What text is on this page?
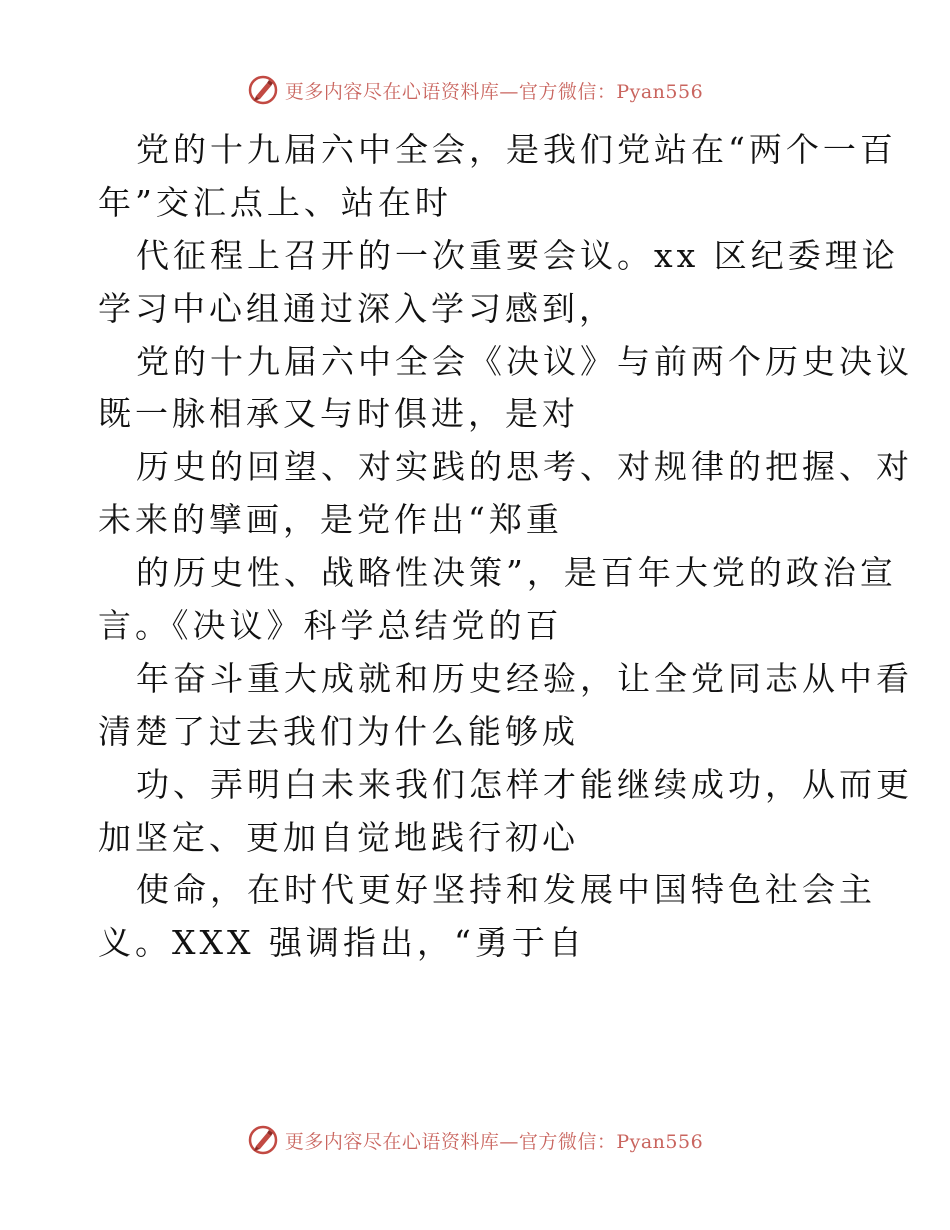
更多内容尽在心语资料库—官方微信：Pyan556
党的十九届六中全会，是我们党站在“两个一百
年”交汇点上、站在时
代征程上召开的一次重要会议。xx 区纪委理论
学习中心组通过深入学习感到，
党的十九届六中全会《决议》与前两个历史决议
既一脉相承又与时俱进，是对
历史的回望、对实践的思考、对规律的把握、对
未来的擘画，是党作出“郑重
的历史性、战略性决策”，是百年大党的政治宣
言。《决议》科学总结党的百
年奋斗重大成就和历史经验，让全党同志从中看
清楚了过去我们为什么能够成
功、弄明白未来我们怎样才能继续成功，从而更
加坚定、更加自觉地践行初心
使命，在时代更好坚持和发展中国特色社会主
义。XXX 强调指出，“勇于自
更多内容尽在心语资料库—官方微信：Pyan556
